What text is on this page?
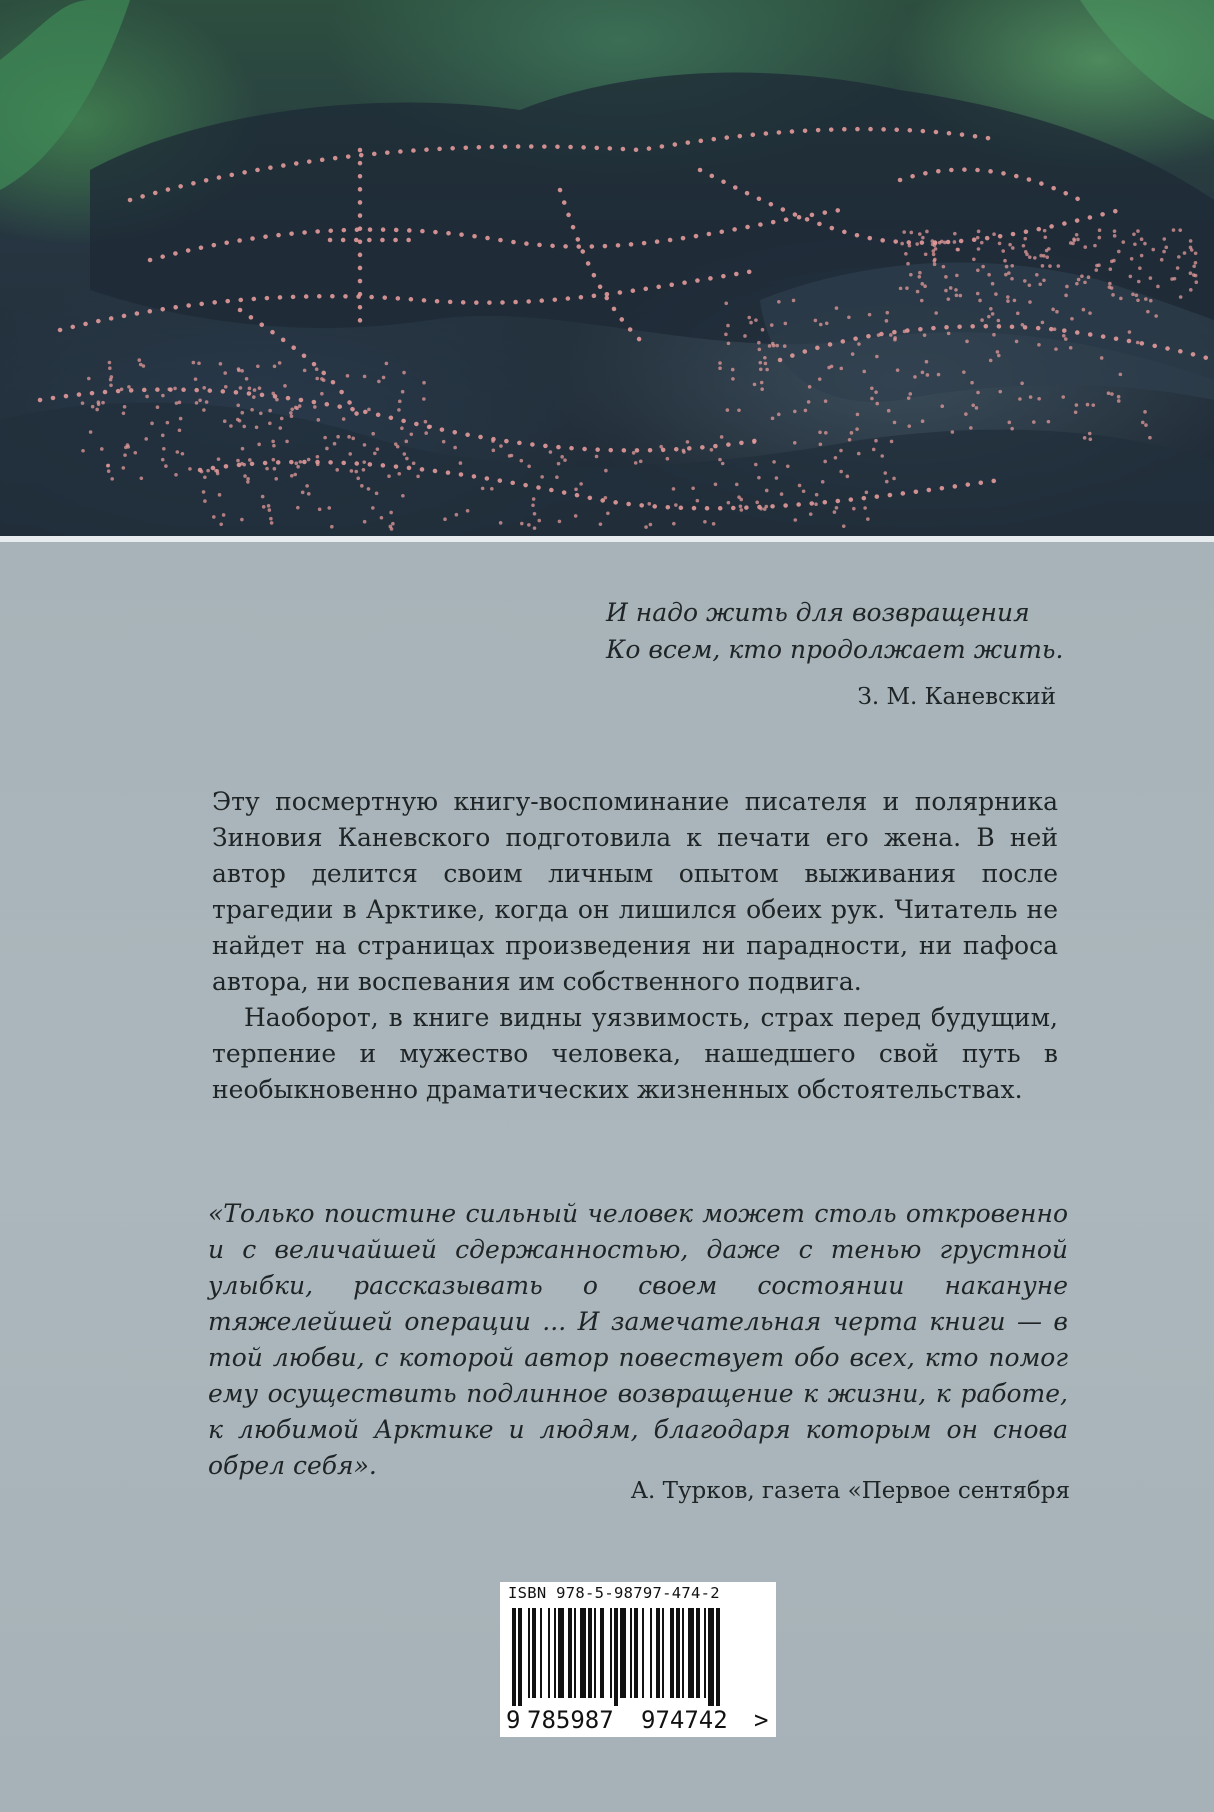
И надо жить для возвращения
Ко всем, кто продолжает жить.
З. М. Каневский

Эту посмертную книгу-воспоминание писателя и полярника Зиновия Каневского подготовила к печати его жена. В ней автор делится своим личным опытом выживания после трагедии в Арктике, когда он лишился обеих рук. Читатель не найдет на страницах произведения ни парадности, ни пафоса автора, ни воспевания им собственного подвига.

Наоборот, в книге видны уязвимость, страх перед будущим, терпение и мужество человека, нашедшего свой путь в необыкновенно драматических жизненных обстоятельствах.

«Только поистине сильный человек может столь откровенно и с величайшей сдержанностью, даже с тенью грустной улыбки, рассказывать о своем состоянии накануне тяжелейшей операции ... И замечательная черта книги — в той любви, с которой автор повествует обо всех, кто помог ему осуществить подлинное возвращение к жизни, к работе, к любимой Арктике и людям, благодаря которым он снова обрел себя».
А. Турков, газета «Первое сентября
ISBN 978-5-98797-474-2
9 785987 974742 >
